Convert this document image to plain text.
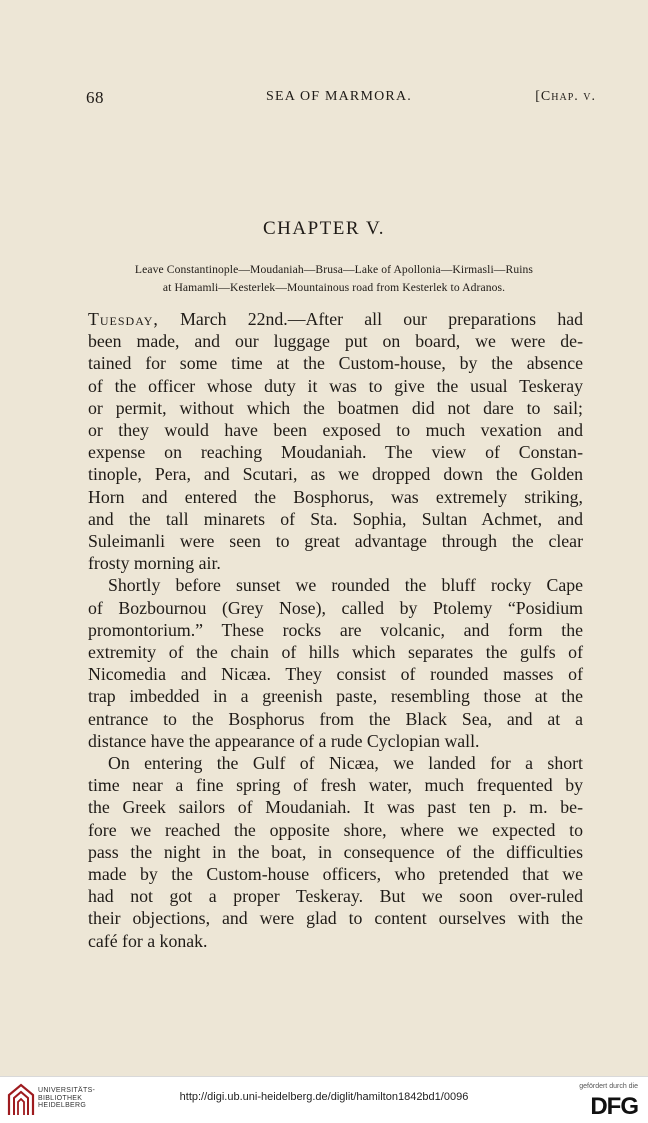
68	SEA OF MARMORA.	[Chap. v.
CHAPTER V.
Leave Constantinople—Moudaniah—Brusa—Lake of Apollonia—Kirmasli—Ruins
at Hamamli—Kesterlek—Mountainous road from Kesterlek to Adranos.
Tuesday, March 22nd.—After all our preparations had
been made, and our luggage put on board, we were de-
tained for some time at the Custom-house, by the absence
of the officer whose duty it was to give the usual Teskeray
or permit, without which the boatmen did not dare to sail;
or they would have been exposed to much vexation and
expense on reaching Moudaniah. The view of Constan-
tinople, Pera, and Scutari, as we dropped down the Golden
Horn and entered the Bosphorus, was extremely striking,
and the tall minarets of Sta. Sophia, Sultan Achmet, and
Suleimanli were seen to great advantage through the clear
frosty morning air.
Shortly before sunset we rounded the bluff rocky Cape
of Bozbournou (Grey Nose), called by Ptolemy “Posidium
promontorium.” These rocks are volcanic, and form the
extremity of the chain of hills which separates the gulfs of
Nicomedia and Nicæa. They consist of rounded masses of
trap imbedded in a greenish paste, resembling those at the
entrance to the Bosphorus from the Black Sea, and at a
distance have the appearance of a rude Cyclopian wall.
On entering the Gulf of Nicæa, we landed for a short
time near a fine spring of fresh water, much frequented by
the Greek sailors of Moudaniah. It was past ten p. m. be-
fore we reached the opposite shore, where we expected to
pass the night in the boat, in consequence of the difficulties
made by the Custom-house officers, who pretended that we
had not got a proper Teskeray. But we soon over-ruled
their objections, and were glad to content ourselves with the
café for a konak.
UNIVERSITÄTS-
BIBLIOTHEK
HEIDELBERG
http://digi.ub.uni-heidelberg.de/diglit/hamilton1842bd1/0096
gefördert durch die
DFG
